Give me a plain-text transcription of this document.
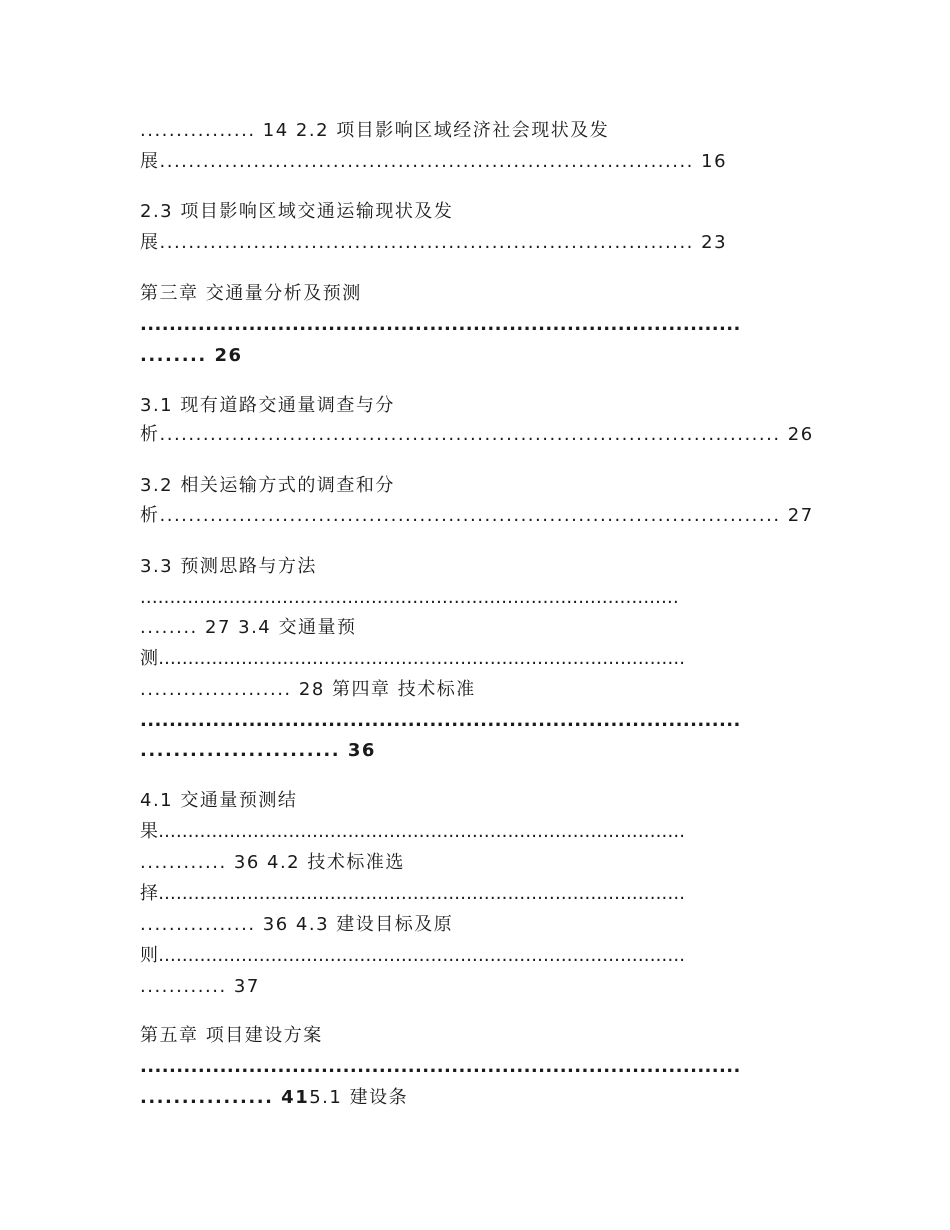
................ 14 2.2 项目影响区域经济社会现状及发
展.......................................................................... 16
2.3 项目影响区域交通运输现状及发
展.......................................................................... 23
第三章 交通量分析及预测
...................................................................................
........ 26
3.1 现有道路交通量调查与分
析...................................................................................... 26
3.2 相关运输方式的调查和分
析...................................................................................... 27
3.3 预测思路与方法
...........................................................................................
........ 27 3.4 交通量预
测.........................................................................................
..................... 28 第四章 技术标准
...................................................................................
........................ 36
4.1 交通量预测结
果.........................................................................................
............ 36 4.2 技术标准选
择.........................................................................................
................ 36 4.3 建设目标及原
则.........................................................................................
............ 37
第五章 项目建设方案
...................................................................................
................ 415.1 建设条
